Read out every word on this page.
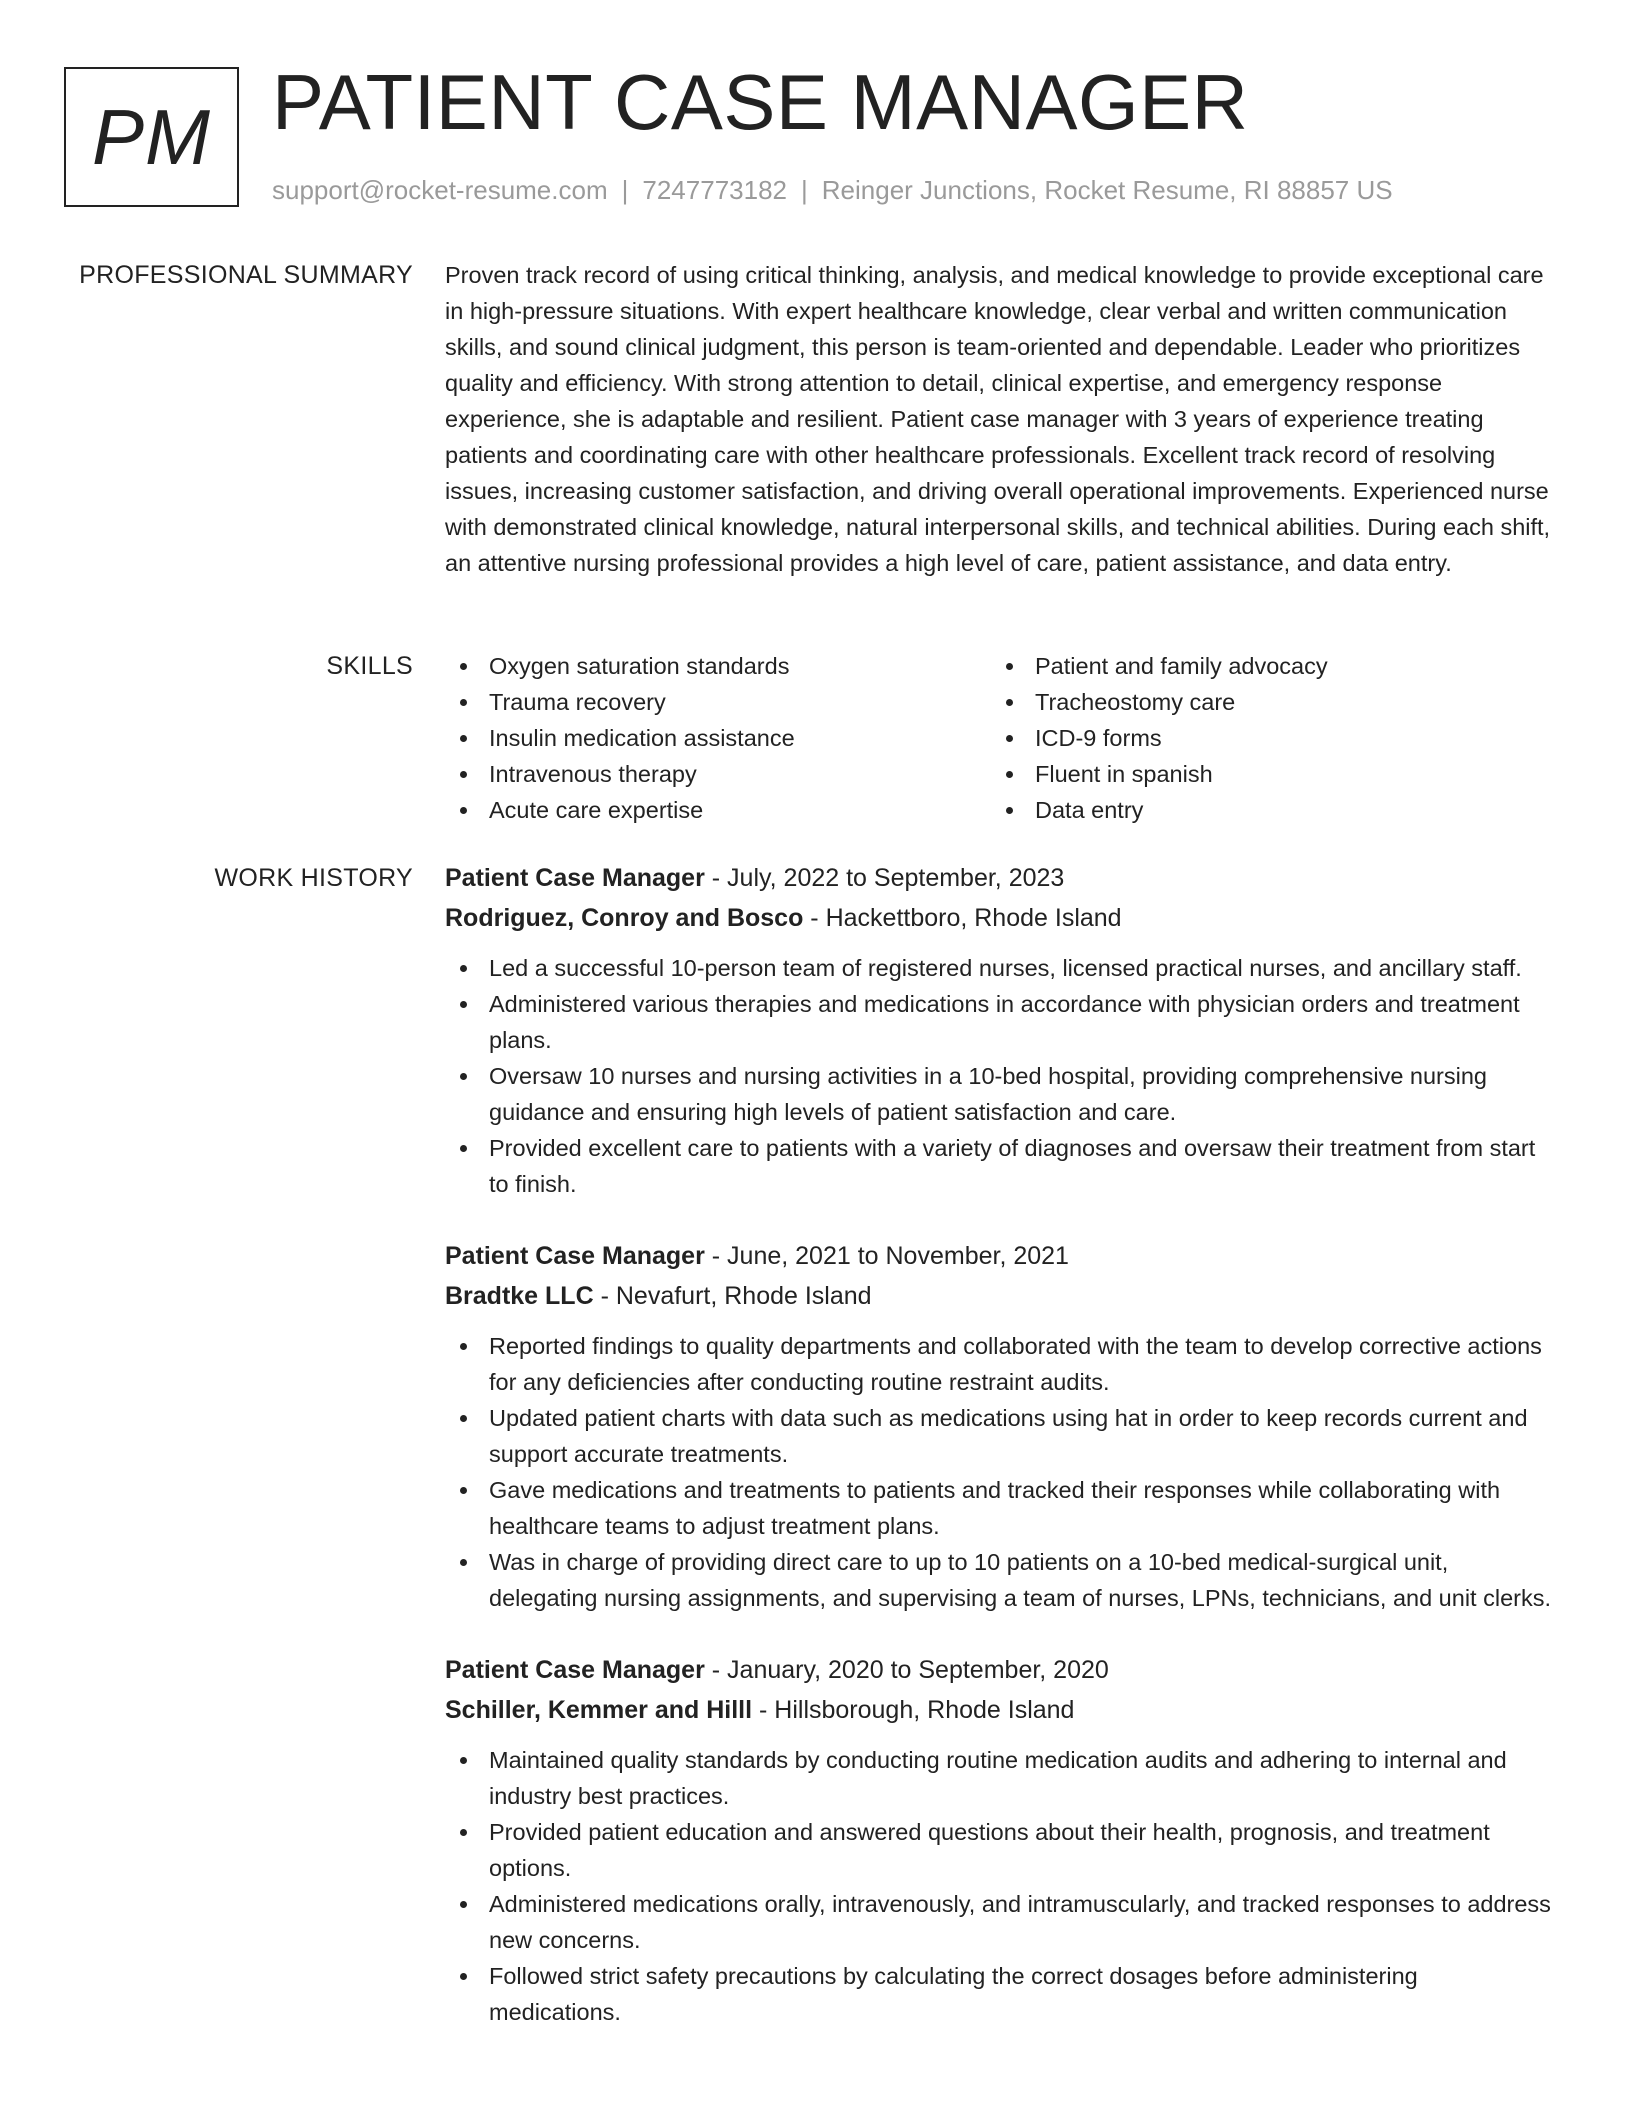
PM PATIENT CASE MANAGER
support@rocket-resume.com | 7247773182 | Reinger Junctions, Rocket Resume, RI 88857 US
PROFESSIONAL SUMMARY Proven track record of using critical thinking, analysis, and medical knowledge to provide exceptional care in high-pressure situations. With expert healthcare knowledge, clear verbal and written communication skills, and sound clinical judgment, this person is team-oriented and dependable. Leader who prioritizes quality and efficiency. With strong attention to detail, clinical expertise, and emergency response experience, she is adaptable and resilient. Patient case manager with 3 years of experience treating patients and coordinating care with other healthcare professionals. Excellent track record of resolving issues, increasing customer satisfaction, and driving overall operational improvements. Experienced nurse with demonstrated clinical knowledge, natural interpersonal skills, and technical abilities. During each shift, an attentive nursing professional provides a high level of care, patient assistance, and data entry.

SKILLS	Oxygen saturation standards
Trauma recovery
Insulin medication assistance
Intravenous therapy
Acute care expertise
Patient and family advocacy
Tracheostomy care
ICD-9 forms
Fluent in spanish
Data entry
WORK HISTORY Patient Case Manager - July, 2022 to September, 2023
Rodriguez, Conroy and Bosco - Hackettboro, Rhode Island
Led a successful 10-person team of registered nurses, licensed practical nurses, and ancillary staff.
Administered various therapies and medications in accordance with physician orders and treatment plans.
Oversaw 10 nurses and nursing activities in a 10-bed hospital, providing comprehensive nursing guidance and ensuring high levels of patient satisfaction and care.
Provided excellent care to patients with a variety of diagnoses and oversaw their treatment from start to finish.
Patient Case Manager - June, 2021 to November, 2021
Bradtke LLC - Nevafurt, Rhode Island
Reported findings to quality departments and collaborated with the team to develop corrective actions for any deficiencies after conducting routine restraint audits.
Updated patient charts with data such as medications using hat in order to keep records current and support accurate treatments.
Gave medications and treatments to patients and tracked their responses while collaborating with healthcare teams to adjust treatment plans.
Was in charge of providing direct care to up to 10 patients on a 10-bed medical-surgical unit, delegating nursing assignments, and supervising a team of nurses, LPNs, technicians, and unit clerks.
Patient Case Manager - January, 2020 to September, 2020
Schiller, Kemmer and Hilll - Hillsborough, Rhode Island
Maintained quality standards by conducting routine medication audits and adhering to internal and industry best practices.
Provided patient education and answered questions about their health, prognosis, and treatment options.
Administered medications orally, intravenously, and intramuscularly, and tracked responses to address new concerns.
Followed strict safety precautions by calculating the correct dosages before administering medications.
